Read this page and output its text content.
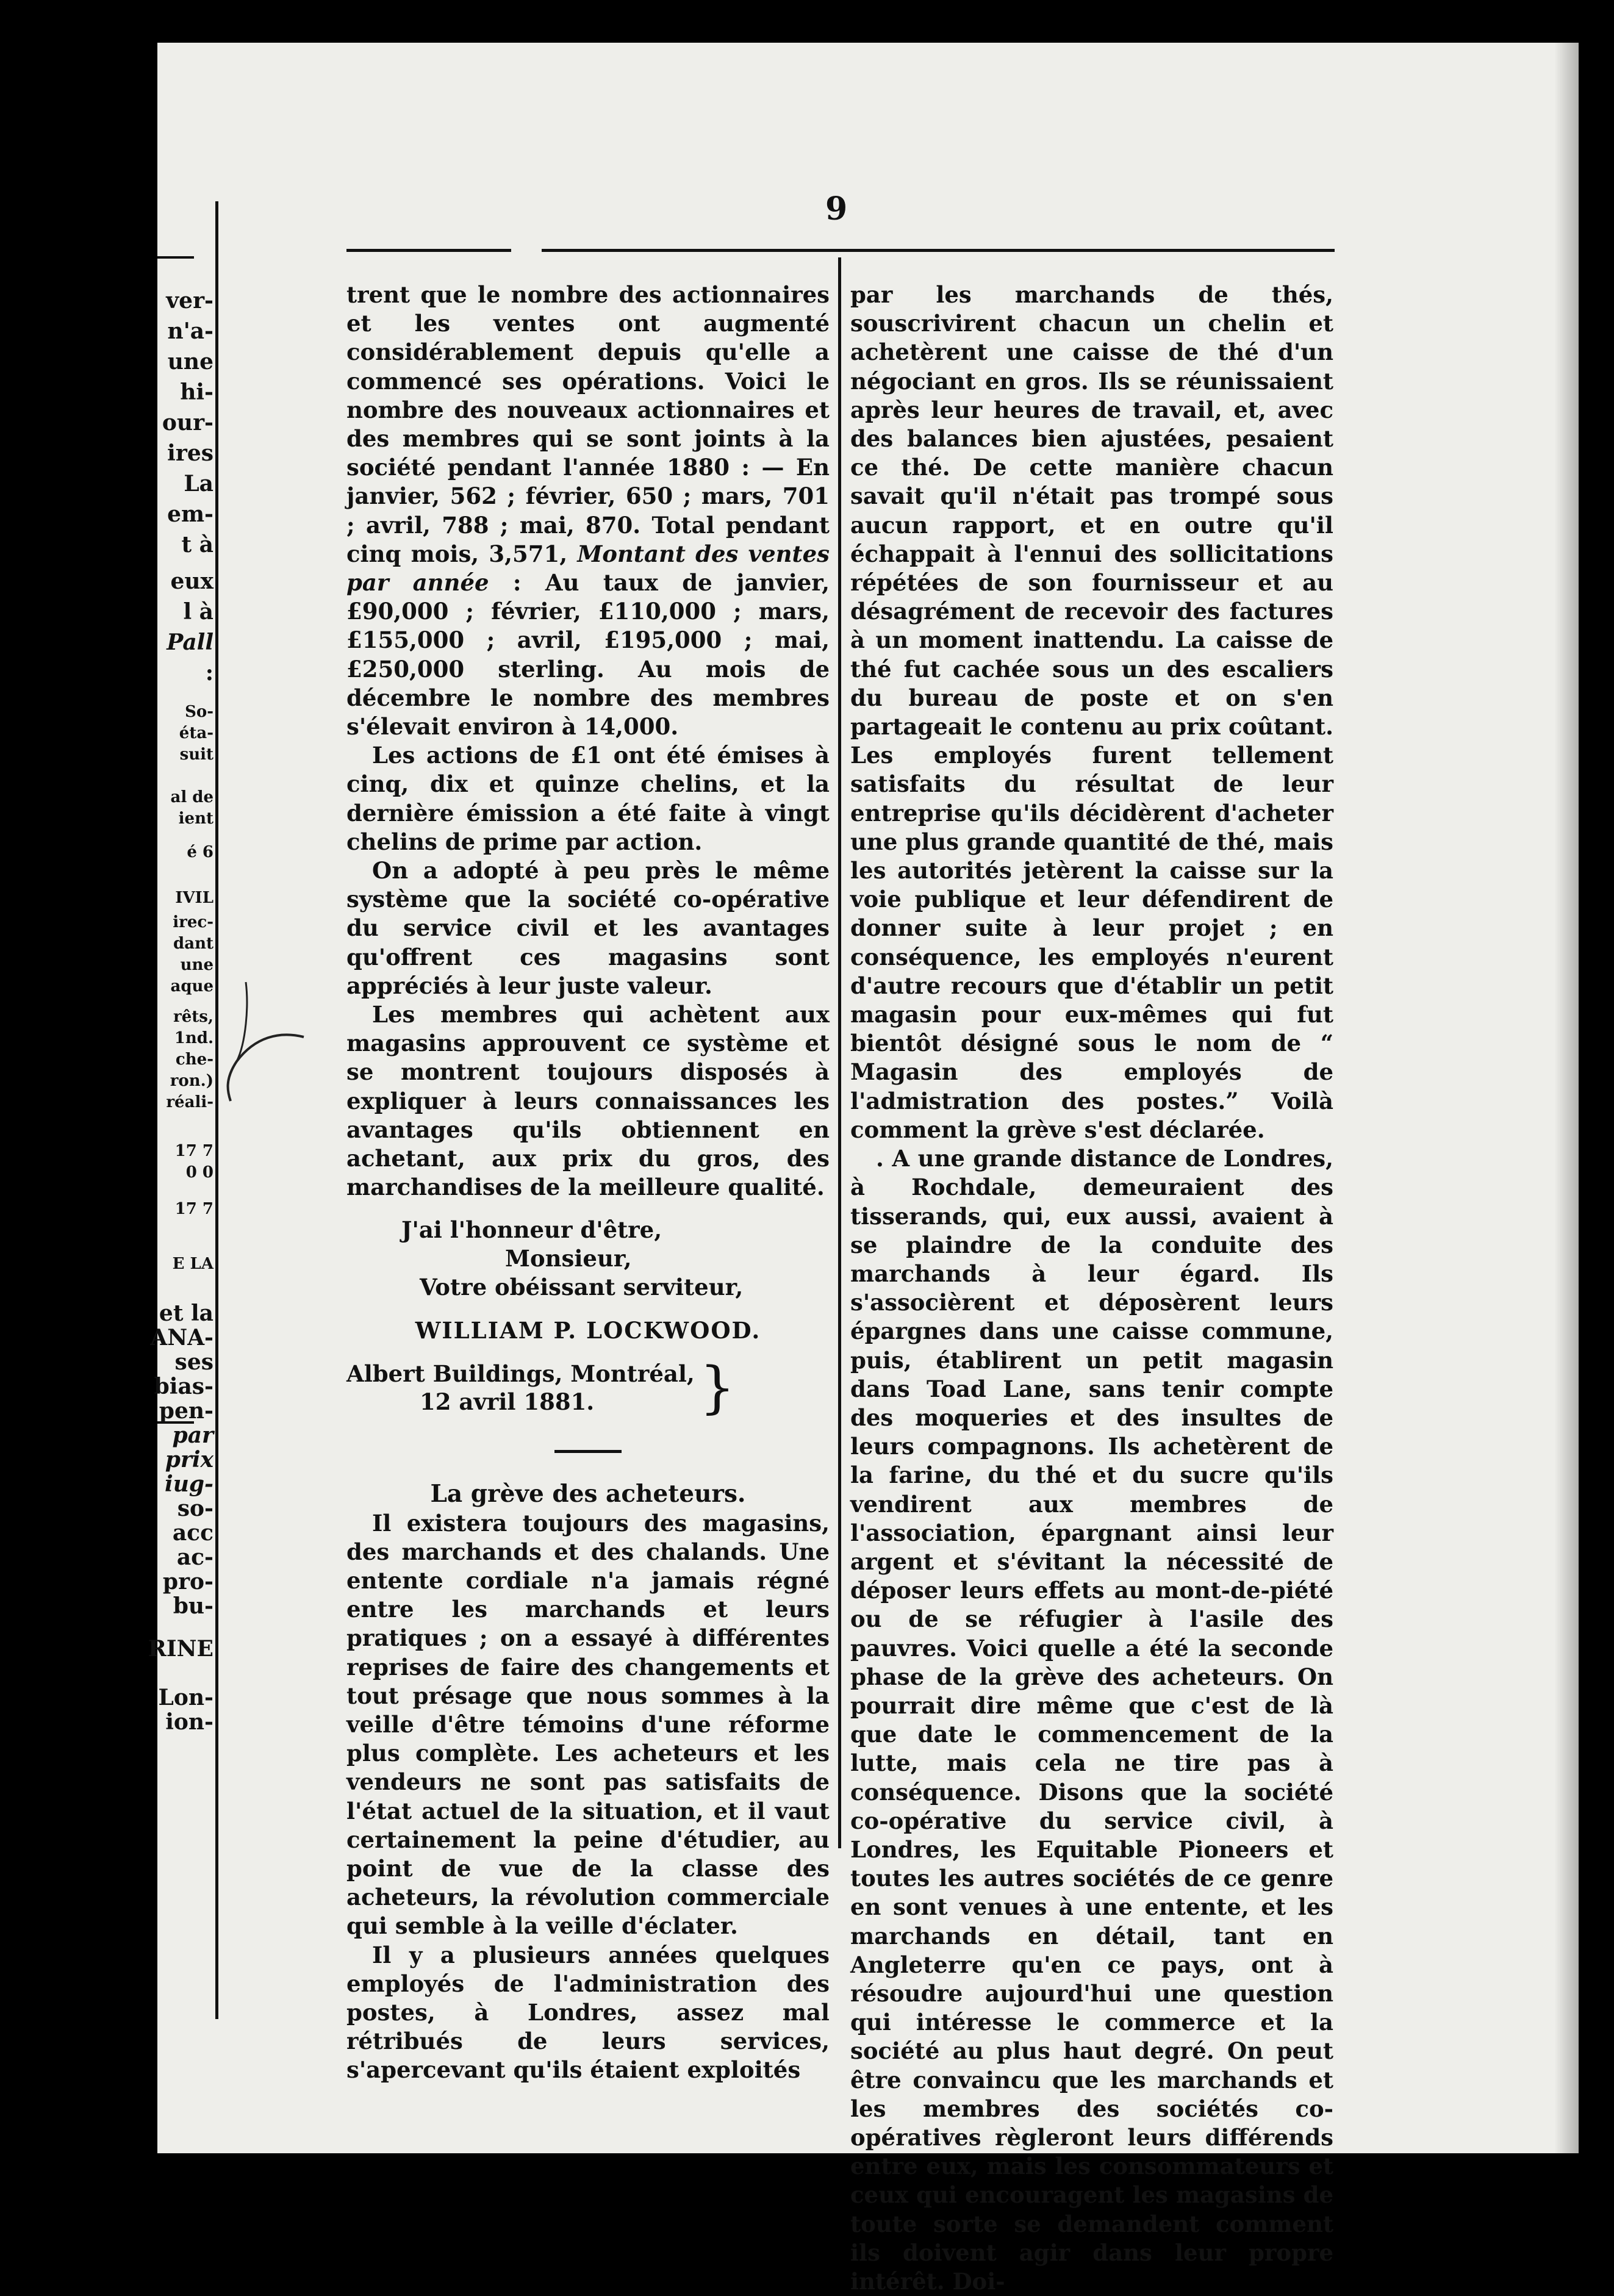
ver-
n'a-
une
hi-
our-
ires
La
em-
t à
eux
l à
Pall
:
So-
éta-
suit
al de
ient
é 6
IVIL
irec-
dant
une
aque
rêts,
1nd.
che-
ron.)
réali-
17 7
0 0
17 7
E LA
et la
ANA-
ses
bias-
pen-
par
prix
iug-
so-
acc
ac-
pro-
bu-
RINE
Lon-
ion-
9

trent que le nombre des actionnaires et les ventes ont augmenté considérablement depuis qu'elle a commencé ses opérations. Voici le nombre des nouveaux actionnaires et des membres qui se sont joints à la société pendant l'année 1880 : — En janvier, 562 ; février, 650 ; mars, 701 ; avril, 788 ; mai, 870. Total pendant cinq mois, 3,571, Montant des ventes par année : Au taux de janvier, £90,000 ; février, £110,000 ; mars, £155,000 ; avril, £195,000 ; mai, £250,000 sterling. Au mois de décembre le nombre des membres s'élevait environ à 14,000.

Les actions de £1 ont été émises à cinq, dix et quinze chelins, et la dernière émission a été faite à vingt chelins de prime par action.

On a adopté à peu près le même système que la société co-opérative du service civil et les avantages qu'offrent ces magasins sont appréciés à leur juste valeur.

Les membres qui achètent aux magasins approuvent ce système et se montrent toujours disposés à expliquer à leurs connaissances les avantages qu'ils obtiennent en achetant, aux prix du gros, des marchandises de la meilleure qualité.

J'ai l'honneur d'être,

Monsieur,

Votre obéissant serviteur,

WILLIAM P. LOCKWOOD.

Albert Buildings, Montréal,
12 avril 1881.	}

La grève des acheteurs.

Il existera toujours des magasins, des marchands et des chalands. Une entente cordiale n'a jamais régné entre les marchands et leurs pratiques ; on a essayé à différentes reprises de faire des changements et tout présage que nous sommes à la veille d'être témoins d'une réforme plus complète. Les acheteurs et les vendeurs ne sont pas satisfaits de l'état actuel de la situation, et il vaut certainement la peine d'étudier, au point de vue de la classe des acheteurs, la révolution commerciale qui semble à la veille d'éclater.

Il y a plusieurs années quelques employés de l'administration des postes, à Londres, assez mal rétribués de leurs services, s'apercevant qu'ils étaient exploités

par les marchands de thés, souscrivirent chacun un chelin et achetèrent une caisse de thé d'un négociant en gros. Ils se réunissaient après leur heures de travail, et, avec des balances bien ajustées, pesaient ce thé. De cette manière chacun savait qu'il n'était pas trompé sous aucun rapport, et en outre qu'il échappait à l'ennui des sollicitations répétées de son fournisseur et au désagrément de recevoir des factures à un moment inattendu. La caisse de thé fut cachée sous un des escaliers du bureau de poste et on s'en partageait le contenu au prix coûtant. Les employés furent tellement satisfaits du résultat de leur entreprise qu'ils décidèrent d'acheter une plus grande quantité de thé, mais les autorités jetèrent la caisse sur la voie publique et leur défendirent de donner suite à leur projet ; en conséquence, les employés n'eurent d'autre recours que d'établir un petit magasin pour eux-mêmes qui fut bientôt désigné sous le nom de “ Magasin des employés de l'admistration des postes.” Voilà comment la grève s'est déclarée.

. A une grande distance de Londres, à Rochdale, demeuraient des tisserands, qui, eux aussi, avaient à se plaindre de la conduite des marchands à leur égard. Ils s'associèrent et déposèrent leurs épargnes dans une caisse commune, puis, établirent un petit magasin dans Toad Lane, sans tenir compte des moqueries et des insultes de leurs compagnons. Ils achetèrent de la farine, du thé et du sucre qu'ils vendirent aux membres de l'association, épargnant ainsi leur argent et s'évitant la nécessité de déposer leurs effets au mont-de-piété ou de se réfugier à l'asile des pauvres. Voici quelle a été la seconde phase de la grève des acheteurs. On pourrait dire même que c'est de là que date le commencement de la lutte, mais cela ne tire pas à conséquence. Disons que la société co-opérative du service civil, à Londres, les Equitable Pioneers et toutes les autres sociétés de ce genre en sont venues à une entente, et les marchands en détail, tant en Angleterre qu'en ce pays, ont à résoudre aujourd'hui une question qui intéresse le commerce et la société au plus haut degré. On peut être convaincu que les marchands et les membres des sociétés co-opératives règleront leurs différends entre eux, mais les consommateurs et ceux qui encouragent les magasins de toute sorte se demandent comment ils doivent agir dans leur propre intérêt. Doi-
